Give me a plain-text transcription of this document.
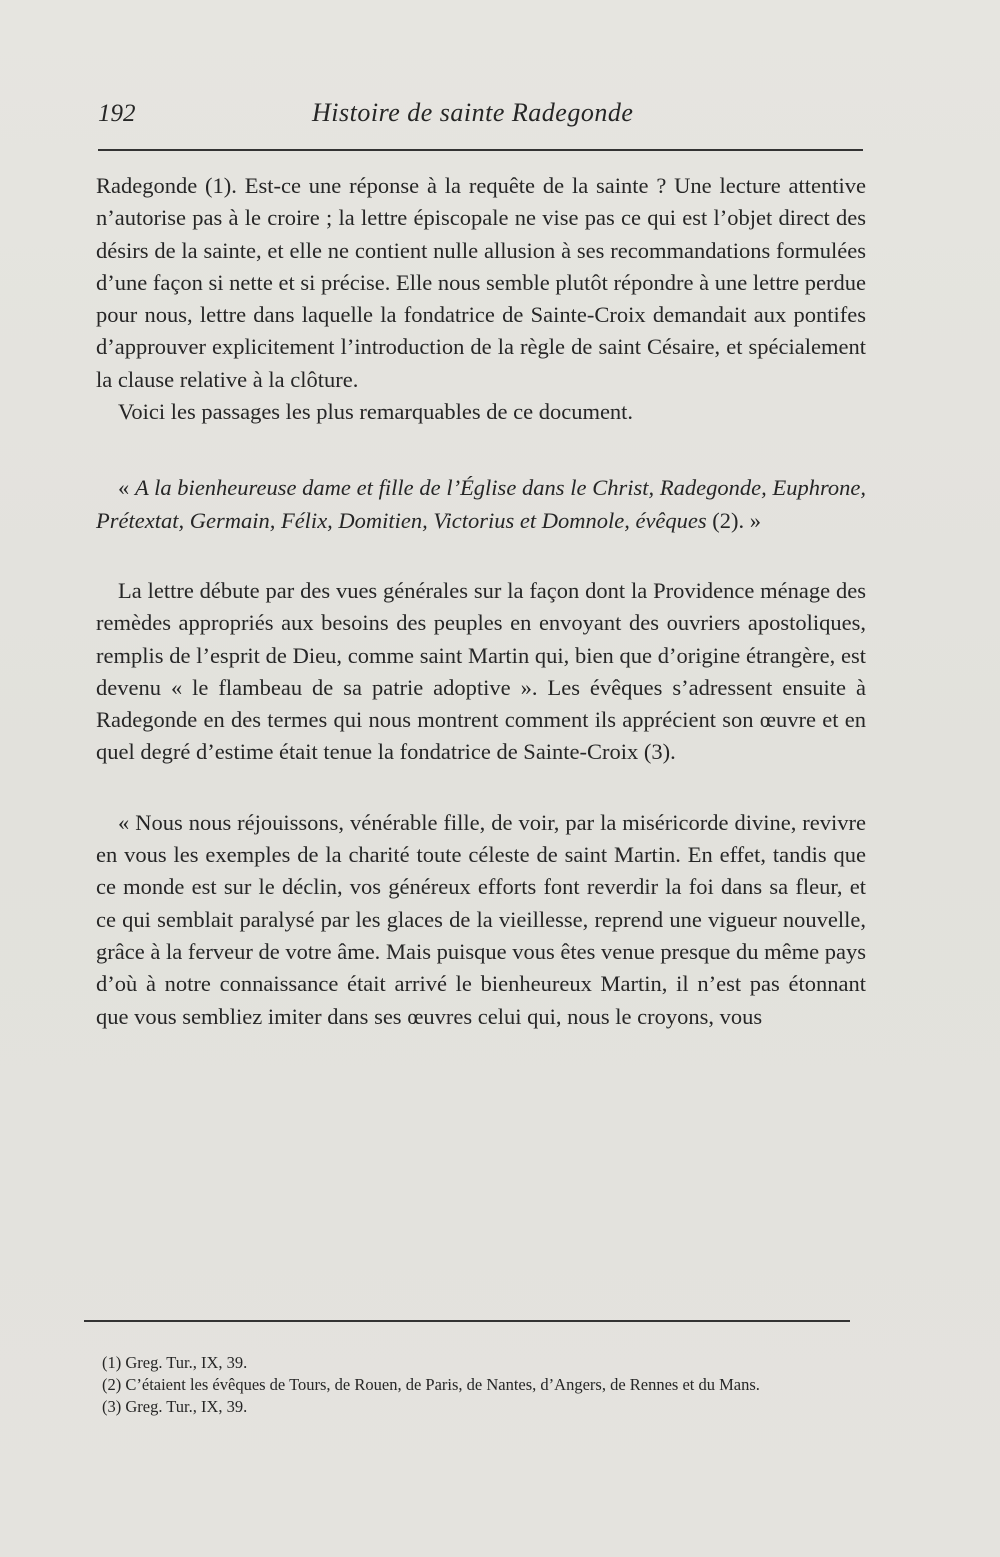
192	Histoire de sainte Radegonde

Radegonde (1). Est-ce une réponse à la requête de la sainte ? Une lecture attentive n’autorise pas à le croire ; la lettre épiscopale ne vise pas ce qui est l’objet direct des désirs de la sainte, et elle ne contient nulle allusion à ses recommandations formulées d’une façon si nette et si précise. Elle nous semble plutôt répondre à une lettre perdue pour nous, lettre dans laquelle la fondatrice de Sainte-Croix demandait aux pontifes d’approuver explicitement l’introduction de la règle de saint Césaire, et spécialement la clause relative à la clôture.

Voici les passages les plus remarquables de ce document.

« A la bienheureuse dame et fille de l’Église dans le Christ, Radegonde, Euphrone, Prétextat, Germain, Félix, Domitien, Victorius et Domnole, évêques (2). »

La lettre débute par des vues générales sur la façon dont la Providence ménage des remèdes appropriés aux besoins des peuples en envoyant des ouvriers apostoliques, remplis de l’esprit de Dieu, comme saint Martin qui, bien que d’origine étrangère, est devenu « le flambeau de sa patrie adoptive ». Les évêques s’adressent ensuite à Radegonde en des termes qui nous montrent comment ils apprécient son œuvre et en quel degré d’estime était tenue la fondatrice de Sainte-Croix (3).

« Nous nous réjouissons, vénérable fille, de voir, par la miséricorde divine, revivre en vous les exemples de la charité toute céleste de saint Martin. En effet, tandis que ce monde est sur le déclin, vos généreux efforts font reverdir la foi dans sa fleur, et ce qui semblait paralysé par les glaces de la vieillesse, reprend une vigueur nouvelle, grâce à la ferveur de votre âme. Mais puisque vous êtes venue presque du même pays d’où à notre connaissance était arrivé le bienheureux Martin, il n’est pas étonnant que vous sembliez imiter dans ses œuvres celui qui, nous le croyons, vous

(1) Greg. Tur., IX, 39.

(2) C’étaient les évêques de Tours, de Rouen, de Paris, de Nantes, d’Angers, de Rennes et du Mans.

(3) Greg. Tur., IX, 39.
